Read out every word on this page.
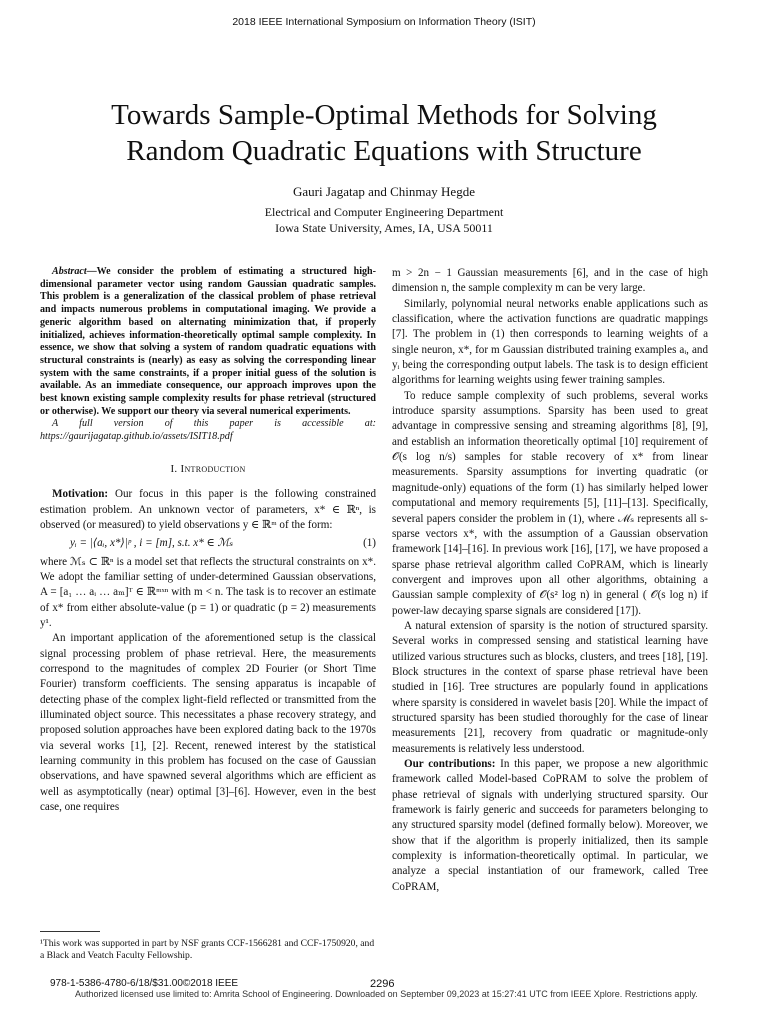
2018 IEEE International Symposium on Information Theory (ISIT)
Towards Sample-Optimal Methods for Solving Random Quadratic Equations with Structure
Gauri Jagatap and Chinmay Hegde
Electrical and Computer Engineering Department
Iowa State University, Ames, IA, USA 50011

Abstract—We consider the problem of estimating a structured high-dimensional parameter vector using random Gaussian quadratic samples. This problem is a generalization of the classical problem of phase retrieval and impacts numerous problems in computational imaging. We provide a generic algorithm based on alternating minimization that, if properly initialized, achieves information-theoretically optimal sample complexity. In essence, we show that solving a system of random quadratic equations with structural constraints is (nearly) as easy as solving the corresponding linear system with the same constraints, if a proper initial guess of the solution is available. As an immediate consequence, our approach improves upon the best known existing sample complexity results for phase retrieval (structured or otherwise). We support our theory via several numerical experiments.

A full version of this paper is accessible at: https://gaurijagatap.github.io/assets/ISIT18.pdf

I. Introduction

Motivation: Our focus in this paper is the following constrained estimation problem. An unknown vector of parameters, x* ∈ ℝⁿ, is observed (or measured) to yield observations y ∈ ℝᵐ of the form:

yᵢ = |⟨aᵢ, x*⟩|ᵖ , i = [m], s.t. x* ∈ ℳₛ	(1)

where ℳₛ ⊂ ℝⁿ is a model set that reflects the structural constraints on x*. We adopt the familiar setting of under-determined Gaussian observations, A = [a₁ … aᵢ … aₘ]ᵀ ∈ ℝᵐˣⁿ with m < n. The task is to recover an estimate of x* from either absolute-value (p = 1) or quadratic (p = 2) measurements y¹.

An important application of the aforementioned setup is the classical signal processing problem of phase retrieval. Here, the measurements correspond to the magnitudes of complex 2D Fourier (or Short Time Fourier) transform coefficients. The sensing apparatus is incapable of detecting phase of the complex light-field reflected or transmitted from the illuminated object source. This necessitates a phase recovery strategy, and proposed solution approaches have been explored dating back to the 1970s via several works [1], [2]. Recent, renewed interest by the statistical learning community in this problem has focused on the case of Gaussian observations, and have spawned several algorithms which are efficient as well as asymptotically (near) optimal [3]–[6]. However, even in the best case, one requires

m > 2n − 1 Gaussian measurements [6], and in the case of high dimension n, the sample complexity m can be very large.

Similarly, polynomial neural networks enable applications such as classification, where the activation functions are quadratic mappings [7]. The problem in (1) then corresponds to learning weights of a single neuron, x*, for m Gaussian distributed training examples aᵢ, and yᵢ being the corresponding output labels. The task is to design efficient algorithms for learning weights using fewer training samples.

To reduce sample complexity of such problems, several works introduce sparsity assumptions. Sparsity has been used to great advantage in compressive sensing and streaming algorithms [8], [9], and establish an information theoretically optimal [10] requirement of 𝒪(s log n/s) samples for stable recovery of x* from linear measurements. Sparsity assumptions for inverting quadratic (or magnitude-only) equations of the form (1) has similarly helped lower computational and memory requirements [5], [11]–[13]. Specifically, several papers consider the problem in (1), where ℳₛ represents all s-sparse vectors x*, with the assumption of a Gaussian observation framework [14]–[16]. In previous work [16], [17], we have proposed a sparse phase retrieval algorithm called CoPRAM, which is linearly convergent and improves upon all other algorithms, obtaining a Gaussian sample complexity of 𝒪(s² log n) in general ( 𝒪(s log n) if power-law decaying sparse signals are considered [17]).

A natural extension of sparsity is the notion of structured sparsity. Several works in compressed sensing and statistical learning have utilized various structures such as blocks, clusters, and trees [18], [19]. Block structures in the context of sparse phase retrieval have been studied in [16]. Tree structures are popularly found in applications where sparsity is considered in wavelet basis [20]. While the impact of structured sparsity has been studied thoroughly for the case of linear measurements [21], recovery from quadratic or magnitude-only measurements is relatively less understood.

Our contributions: In this paper, we propose a new algorithmic framework called Model-based CoPRAM to solve the problem of phase retrieval of signals with underlying structured sparsity. Our framework is fairly generic and succeeds for parameters belonging to any structured sparsity model (defined formally below). Moreover, we show that if the algorithm is properly initialized, then its sample complexity is information-theoretically optimal. In particular, we analyze a special instantiation of our framework, called Tree CoPRAM,

¹This work was supported in part by NSF grants CCF-1566281 and CCF-1750920, and a Black and Veatch Faculty Fellowship.
978-1-5386-4780-6/18/$31.00©2018 IEEE	2296
Authorized licensed use limited to: Amrita School of Engineering. Downloaded on September 09,2023 at 15:27:41 UTC from IEEE Xplore. Restrictions apply.
